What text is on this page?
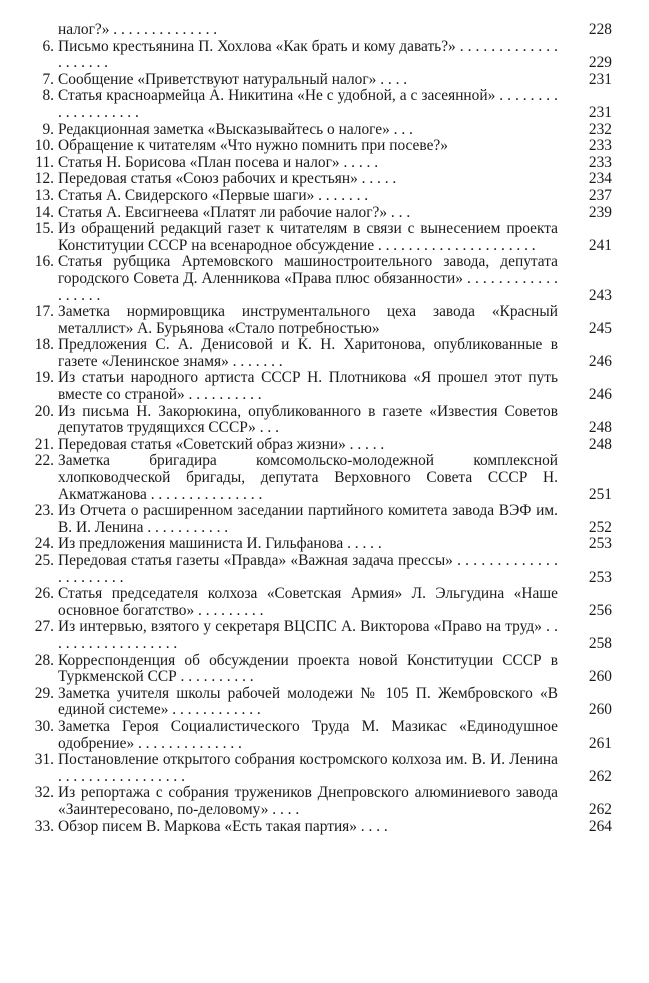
налог?» . . . . . . . . . . . . . .	228
6. Письмо крестьянина П. Хохлова «Как брать и кому давать?» . . . . . . . . . . . . . . . . . . . .	229
7. Сообщение «Приветствуют натуральный налог» . . . .	231
8. Статья красноармейца А. Никитина «Не с удобной, а с засеянной» . . . . . . . . . . . . . . . . . . .	231
9. Редакционная заметка «Высказывайтесь о налоге» . . .	232
10. Обращение к читателям «Что нужно помнить при посеве?»	233
11. Статья Н. Борисова «План посева и налог» . . . . .	233
12. Передовая статья «Союз рабочих и крестьян» . . . . .	234
13. Статья А. Свидерского «Первые шаги» . . . . . . .	237
14. Статья А. Евсигнеева «Платят ли рабочие налог?» . . .	239
15. Из обращений редакций газет к читателям в связи с вынесением проекта Конституции СССР на всенародное обсуждение . . . . . . . . . . . . . . . . . . . . .	241
16. Статья рубщика Артемовского машиностроительного завода, депутата городского Совета Д. Аленникова «Права плюс обязанности» . . . . . . . . . . . . . . . . . .	243
17. Заметка нормировщика инструментального цеха завода «Красный металлист» А. Бурьянова «Стало потребностью»	245
18. Предложения С. А. Денисовой и К. Н. Харитонова, опубликованные в газете «Ленинское знамя» . . . . . . .	246
19. Из статьи народного артиста СССР Н. Плотникова «Я прошел этот путь вместе со страной» . . . . . . . . . .	246
20. Из письма Н. Закорюкина, опубликованного в газете «Известия Советов депутатов трудящихся СССР» . . .	248
21. Передовая статья «Советский образ жизни» . . . . .	248
22. Заметка бригадира комсомольско-молодежной комплексной хлопководческой бригады, депутата Верховного Совета СССР Н. Акматжанова . . . . . . . . . . . . . . .	251
23. Из Отчета о расширенном заседании партийного комитета завода ВЭФ им. В. И. Ленина . . . . . . . . . . .	252
24. Из предложения машиниста И. Гильфанова . . . . .	253
25. Передовая статья газеты «Правда» «Важная задача прессы» . . . . . . . . . . . . . . . . . . . . . .	253
26. Статья председателя колхоза «Советская Армия» Л. Эльгудина «Наше основное богатство» . . . . . . . . .	256
27. Из интервью, взятого у секретаря ВЦСПС А. Викторова «Право на труд» . . . . . . . . . . . . . . . . . .	258
28. Корреспонденция об обсуждении проекта новой Конституции СССР в Туркменской ССР . . . . . . . . . .	260
29. Заметка учителя школы рабочей молодежи № 105 П. Жембровского «В единой системе» . . . . . . . . . . . .	260
30. Заметка Героя Социалистического Труда М. Мазикас «Единодушное одобрение» . . . . . . . . . . . . . .	261
31. Постановление открытого собрания костромского колхоза им. В. И. Ленина . . . . . . . . . . . . . . . . .	262
32. Из репортажа с собрания тружеников Днепровского алюминиевого завода «Заинтересовано, по-деловому» . . . .	262
33. Обзор писем В. Маркова «Есть такая партия» . . . .	264
